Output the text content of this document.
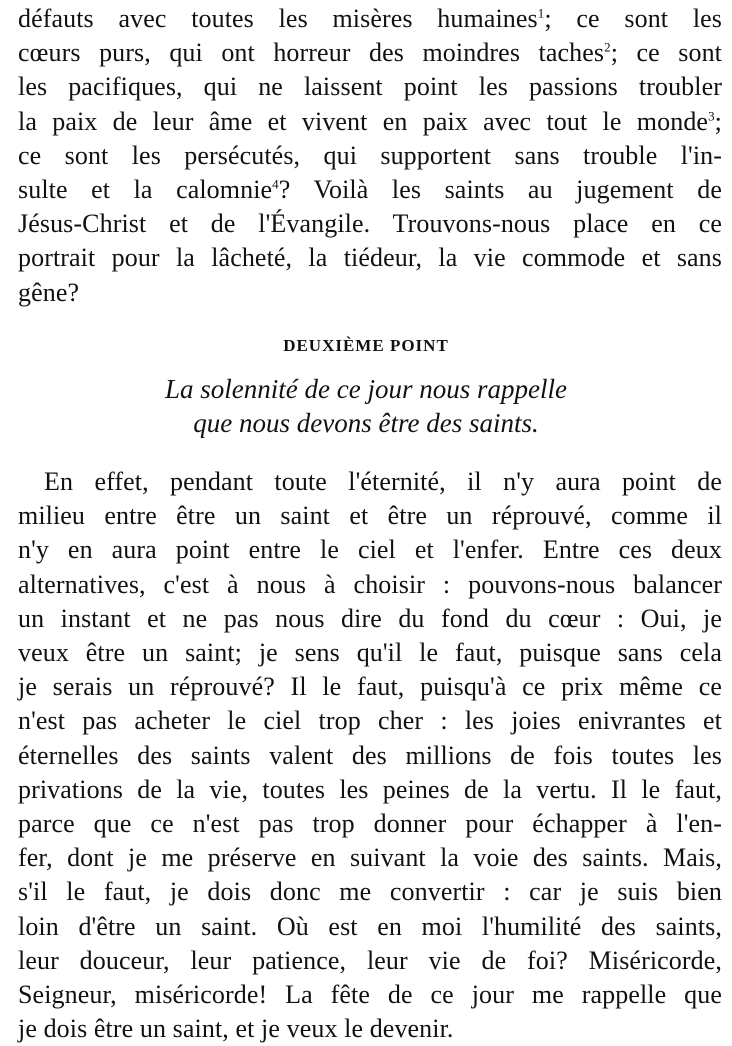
défauts avec toutes les misères humaines$^1$; ce sont les
cœurs purs, qui ont horreur des moindres taches$^2$; ce sont
les pacifiques, qui ne laissent point les passions troubler
la paix de leur âme et vivent en paix avec tout le monde$^3$;
ce sont les persécutés, qui supportent sans trouble l'in-
sulte et la calomnie$^4$? Voilà les saints au jugement de
Jésus-Christ et de l'Évangile. Trouvons-nous place en ce
portrait pour la lâcheté, la tiédeur, la vie commode et sans
gêne?
DEUXIÈME POINT
La solennité de ce jour nous rappelle
que nous devons être des saints.
En effet, pendant toute l'éternité, il n'y aura point de
milieu entre être un saint et être un réprouvé, comme il
n'y en aura point entre le ciel et l'enfer. Entre ces deux
alternatives, c'est à nous à choisir : pouvons-nous balancer
un instant et ne pas nous dire du fond du cœur : Oui, je
veux être un saint; je sens qu'il le faut, puisque sans cela
je serais un réprouvé? Il le faut, puisqu'à ce prix même ce
n'est pas acheter le ciel trop cher : les joies enivrantes et
éternelles des saints valent des millions de fois toutes les
privations de la vie, toutes les peines de la vertu. Il le faut,
parce que ce n'est pas trop donner pour échapper à l'en-
fer, dont je me préserve en suivant la voie des saints. Mais,
s'il le faut, je dois donc me convertir : car je suis bien
loin d'être un saint. Où est en moi l'humilité des saints,
leur douceur, leur patience, leur vie de foi? Miséricorde,
Seigneur, miséricorde! La fête de ce jour me rappelle que
je dois être un saint, et je veux le devenir.
